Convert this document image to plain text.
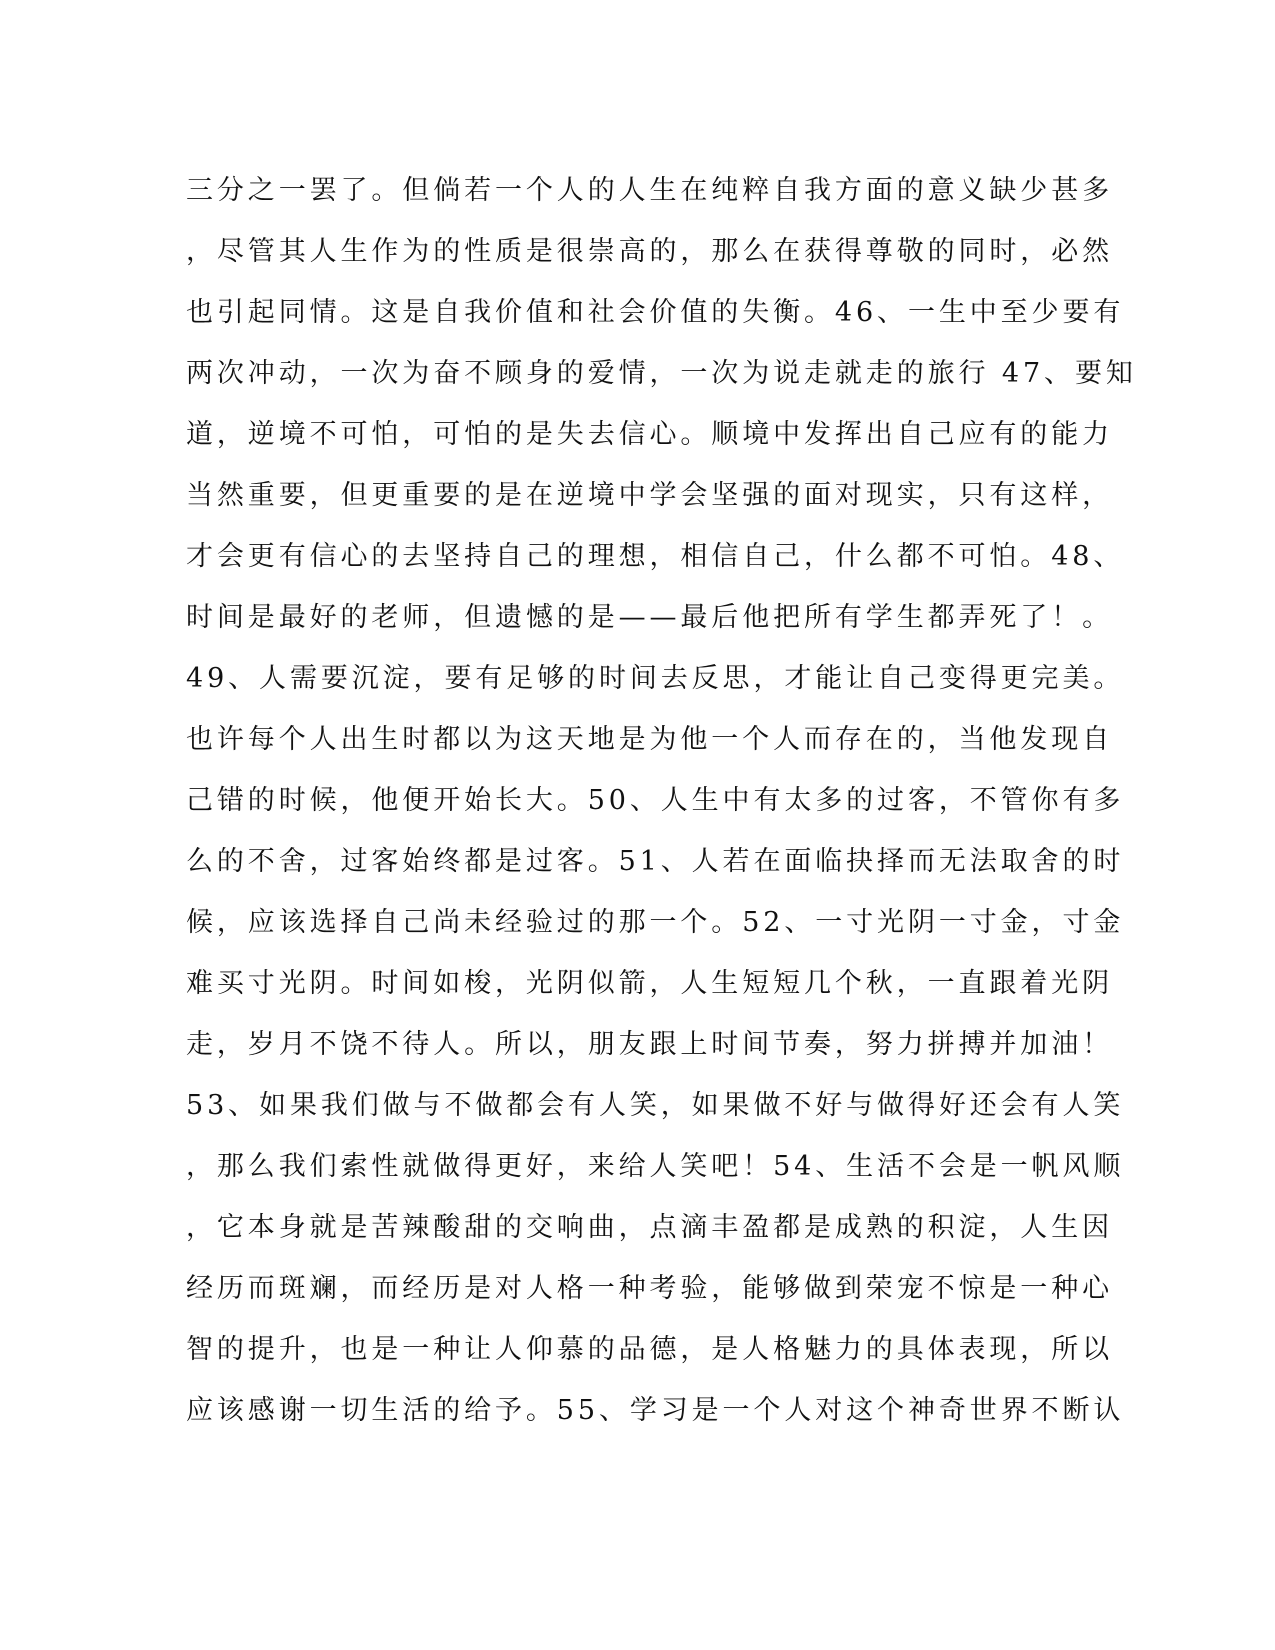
三分之一罢了。但倘若一个人的人生在纯粹自我方面的意义缺少甚多
，尽管其人生作为的性质是很崇高的，那么在获得尊敬的同时，必然
也引起同情。这是自我价值和社会价值的失衡。46、一生中至少要有
两次冲动，一次为奋不顾身的爱情，一次为说走就走的旅行 47、要知
道，逆境不可怕，可怕的是失去信心。顺境中发挥出自己应有的能力
当然重要，但更重要的是在逆境中学会坚强的面对现实，只有这样，
才会更有信心的去坚持自己的理想，相信自己，什么都不可怕。48、
时间是最好的老师，但遗憾的是——最后他把所有学生都弄死了！。
49、人需要沉淀，要有足够的时间去反思，才能让自己变得更完美。
也许每个人出生时都以为这天地是为他一个人而存在的，当他发现自
己错的时候，他便开始长大。50、人生中有太多的过客，不管你有多
么的不舍，过客始终都是过客。51、人若在面临抉择而无法取舍的时
候，应该选择自己尚未经验过的那一个。52、一寸光阴一寸金，寸金
难买寸光阴。时间如梭，光阴似箭，人生短短几个秋，一直跟着光阴
走，岁月不饶不待人。所以，朋友跟上时间节奏，努力拼搏并加油！
53、如果我们做与不做都会有人笑，如果做不好与做得好还会有人笑
，那么我们索性就做得更好，来给人笑吧！54、生活不会是一帆风顺
，它本身就是苦辣酸甜的交响曲，点滴丰盈都是成熟的积淀，人生因
经历而斑斓，而经历是对人格一种考验，能够做到荣宠不惊是一种心
智的提升，也是一种让人仰慕的品德，是人格魅力的具体表现，所以
应该感谢一切生活的给予。55、学习是一个人对这个神奇世界不断认
